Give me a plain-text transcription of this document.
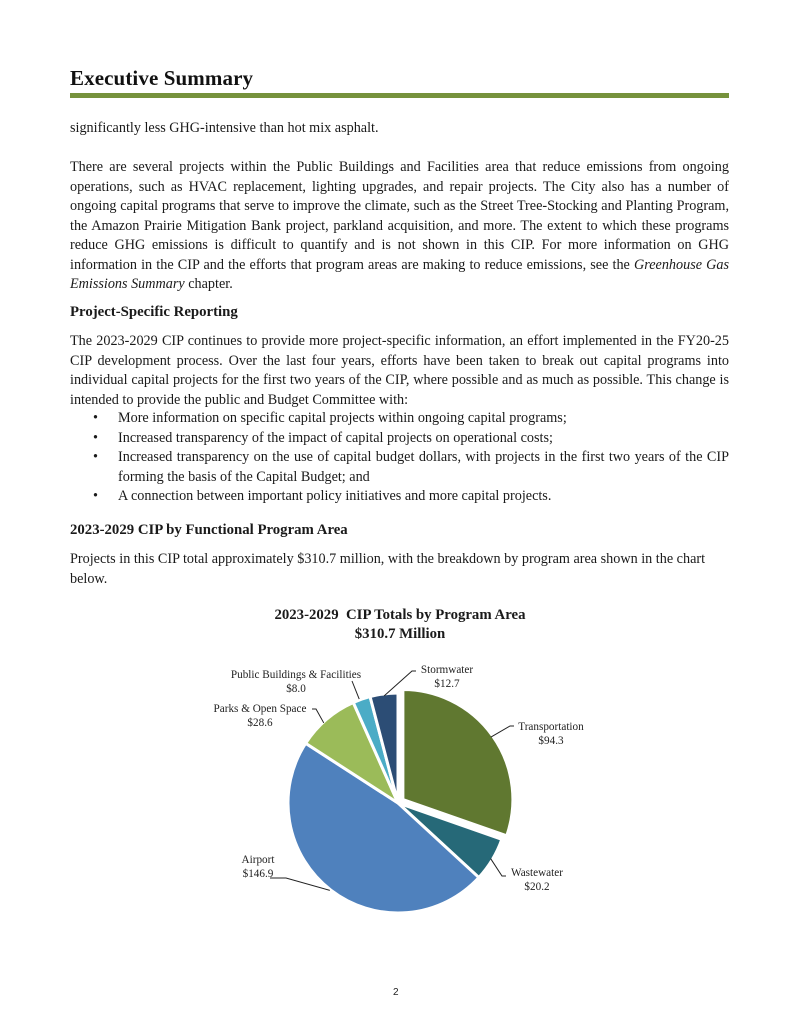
Executive Summary
significantly less GHG-intensive than hot mix asphalt.
There are several projects within the Public Buildings and Facilities area that reduce emissions from ongoing operations, such as HVAC replacement, lighting upgrades, and repair projects. The City also has a number of ongoing capital programs that serve to improve the climate, such as the Street Tree-Stocking and Planting Program, the Amazon Prairie Mitigation Bank project, parkland acquisition, and more. The extent to which these programs reduce GHG emissions is difficult to quantify and is not shown in this CIP. For more information on GHG information in the CIP and the efforts that program areas are making to reduce emissions, see the Greenhouse Gas Emissions Summary chapter.
Project-Specific Reporting
The 2023-2029 CIP continues to provide more project-specific information, an effort implemented in the FY20-25 CIP development process. Over the last four years, efforts have been taken to break out capital programs into individual capital projects for the first two years of the CIP, where possible and as much as possible. This change is intended to provide the public and Budget Committee with:
• More information on specific capital projects within ongoing capital programs;
• Increased transparency of the impact of capital projects on operational costs;
• Increased transparency on the use of capital budget dollars, with projects in the first two years of the CIP forming the basis of the Capital Budget; and
• A connection between important policy initiatives and more capital projects.
2023-2029 CIP by Functional Program Area
Projects in this CIP total approximately $310.7 million, with the breakdown by program area shown in the chart below.
2023-2029  CIP Totals by Program Area
$310.7 Million
Transportation
$94.3
Wastewater
$20.2
Airport
$146.9
Parks & Open Space
$28.6
Public Buildings & Facilities
$8.0
Stormwater
$12.7
2
